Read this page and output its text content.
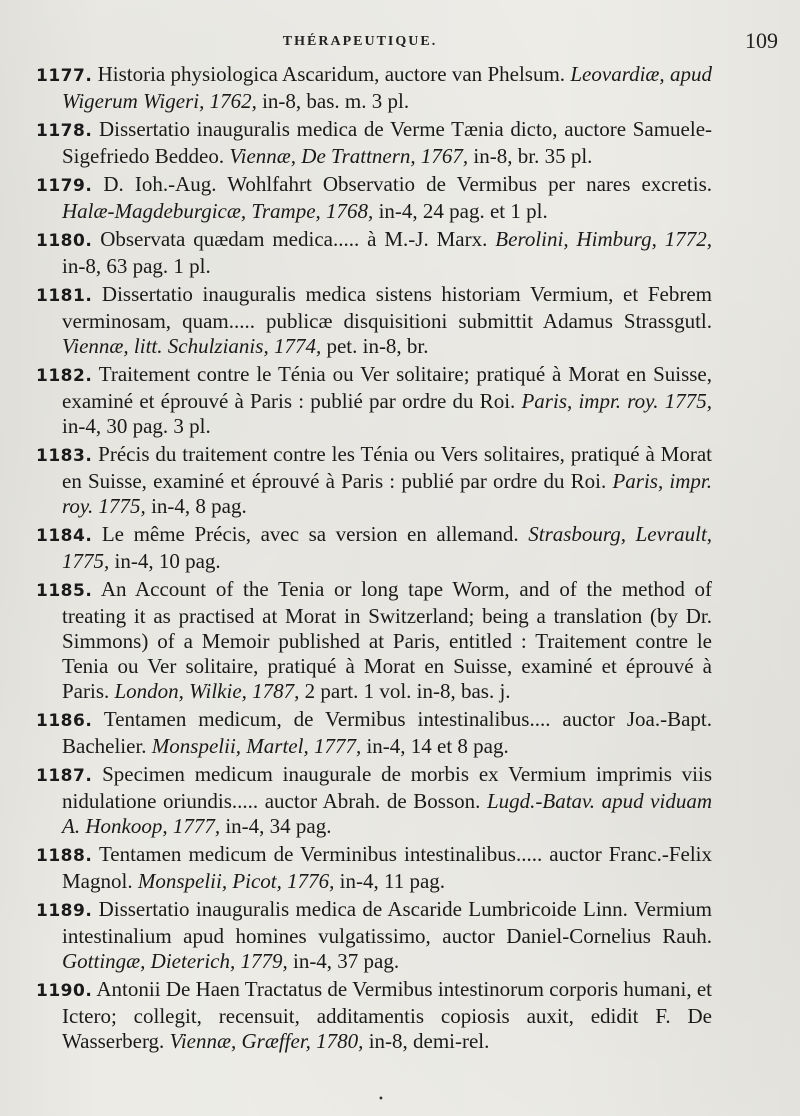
THÉRAPEUTIQUE.	109

1177. Historia physiologica Ascaridum, auctore van Phelsum. Leovardiæ, apud Wigerum Wigeri, 1762, in-8, bas. m. 3 pl.

1178. Dissertatio inauguralis medica de Verme Tænia dicto, auctore Samuele-Sigefriedo Beddeo. Viennæ, De Trattnern, 1767, in-8, br. 35 pl.

1179. D. Ioh.-Aug. Wohlfahrt Observatio de Vermibus per nares excretis. Halæ-Magdeburgicæ, Trampe, 1768, in-4, 24 pag. et 1 pl.

1180. Observata quædam medica..... à M.-J. Marx. Berolini, Himburg, 1772, in-8, 63 pag. 1 pl.

1181. Dissertatio inauguralis medica sistens historiam Vermium, et Febrem verminosam, quam..... publicæ disquisitioni submittit Adamus Strassgutl. Viennæ, litt. Schulzianis, 1774, pet. in-8, br.

1182. Traitement contre le Ténia ou Ver solitaire; pratiqué à Morat en Suisse, examiné et éprouvé à Paris : publié par ordre du Roi. Paris, impr. roy. 1775, in-4, 30 pag. 3 pl.

1183. Précis du traitement contre les Ténia ou Vers solitaires, pratiqué à Morat en Suisse, examiné et éprouvé à Paris : publié par ordre du Roi. Paris, impr. roy. 1775, in-4, 8 pag.

1184. Le même Précis, avec sa version en allemand. Strasbourg, Levrault, 1775, in-4, 10 pag.

1185. An Account of the Tenia or long tape Worm, and of the method of treating it as practised at Morat in Switzerland; being a translation (by Dr. Simmons) of a Memoir published at Paris, entitled : Traitement contre le Tenia ou Ver solitaire, pratiqué à Morat en Suisse, examiné et éprouvé à Paris. London, Wilkie, 1787, 2 part. 1 vol. in-8, bas. j.

1186. Tentamen medicum, de Vermibus intestinalibus.... auctor Joa.-Bapt. Bachelier. Monspelii, Martel, 1777, in-4, 14 et 8 pag.

1187. Specimen medicum inaugurale de morbis ex Vermium imprimis viis nidulatione oriundis..... auctor Abrah. de Bosson. Lugd.-Batav. apud viduam A. Honkoop, 1777, in-4, 34 pag.

1188. Tentamen medicum de Verminibus intestinalibus..... auctor Franc.-Felix Magnol. Monspelii, Picot, 1776, in-4, 11 pag.

1189. Dissertatio inauguralis medica de Ascaride Lumbricoide Linn. Vermium intestinalium apud homines vulgatissimo, auctor Daniel-Cornelius Rauh. Gottingæ, Dieterich, 1779, in-4, 37 pag.

1190. Antonii De Haen Tractatus de Vermibus intestinorum corporis humani, et Ictero; collegit, recensuit, additamentis copiosis auxit, edidit F. De Wasserberg. Viennæ, Græffer, 1780, in-8, demi-rel.

•
